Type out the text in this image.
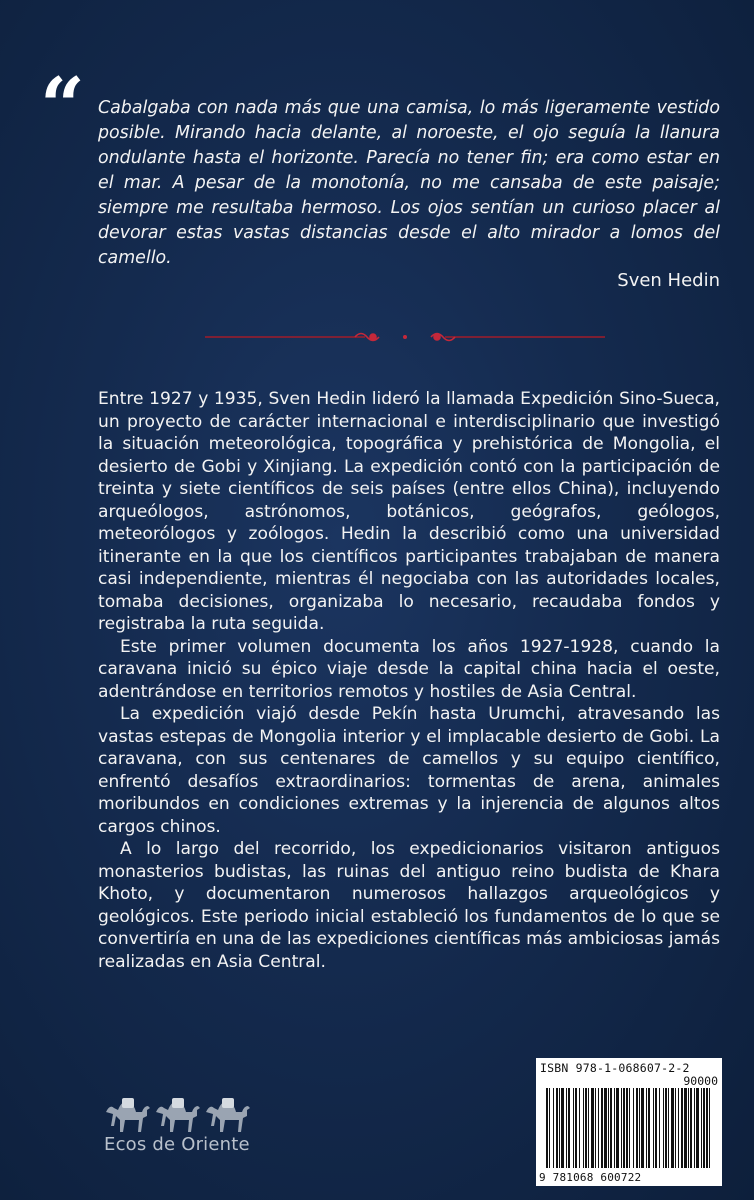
“ Cabalgaba con nada más que una camisa, lo más ligeramente vestido posible. Mirando hacia delante, al noroeste, el ojo seguía la llanura ondulante hasta el horizonte. Parecía no tener fin; era como estar en el mar. A pesar de la monotonía, no me cansaba de este paisaje; siempre me resultaba hermoso. Los ojos sentían un curioso placer al devorar estas vastas distancias desde el alto mirador a lomos del camello.

Sven Hedin

Entre 1927 y 1935, Sven Hedin lideró la llamada Expedición Sino-Sueca, un proyecto de carácter internacional e interdisciplinario que investigó la situación meteorológica, topográfica y prehistórica de Mongolia, el desierto de Gobi y Xinjiang. La expedición contó con la participación de treinta y siete científicos de seis países (entre ellos China), incluyendo arqueólogos, astrónomos, botánicos, geógrafos, geólogos, meteorólogos y zoólogos. Hedin la describió como una universidad itinerante en la que los científicos participantes trabajaban de manera casi independiente, mientras él negociaba con las autoridades locales, tomaba decisiones, organizaba lo necesario, recaudaba fondos y registraba la ruta seguida.

Este primer volumen documenta los años 1927-1928, cuando la caravana inició su épico viaje desde la capital china hacia el oeste, adentrándose en territorios remotos y hostiles de Asia Central.

La expedición viajó desde Pekín hasta Urumchi, atravesando las vastas estepas de Mongolia interior y el implacable desierto de Gobi. La caravana, con sus centenares de camellos y su equipo científico, enfrentó desafíos extraordinarios: tormentas de arena, animales moribundos en condiciones extremas y la injerencia de algunos altos cargos chinos.

A lo largo del recorrido, los expedicionarios visitaron antiguos monasterios budistas, las ruinas del antiguo reino budista de Khara Khoto, y documentaron numerosos hallazgos arqueológicos y geológicos. Este periodo inicial estableció los fundamentos de lo que se convertiría en una de las expediciones científicas más ambiciosas jamás realizadas en Asia Central.

Ecos de Oriente
ISBN 978-1-068607-2-2
90000
9 781068 600722
